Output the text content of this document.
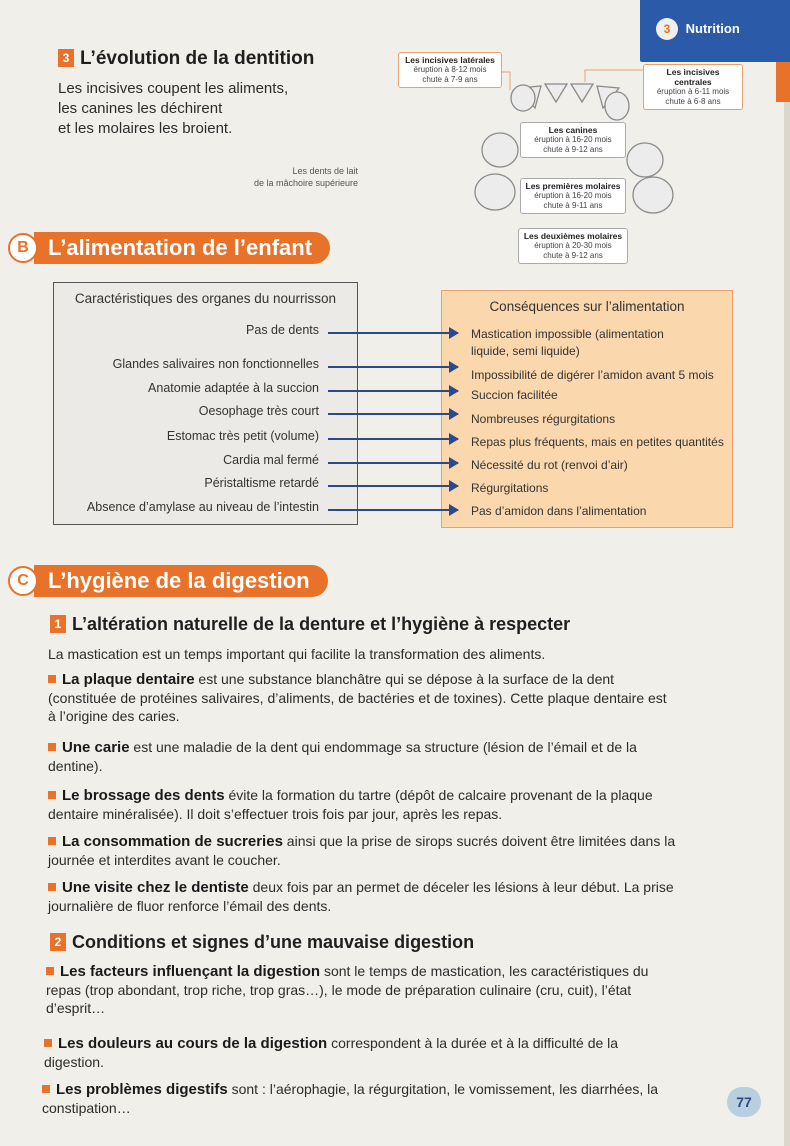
3 Nutrition
3 L’évolution de la dentition
Les incisives coupent les aliments,
les canines les déchirent
et les molaires les broient.
Les dents de lait
de la mâchoire supérieure
Les incisives latérales
éruption à 8-12 mois
chute à 7-9 ans
Les incisives centrales
éruption à 6-11 mois
chute à 6-8 ans
Les canines
éruption à 16-20 mois
chute à 9-12 ans
Les premières molaires
éruption à 16-20 mois
chute à 9-11 ans
Les deuxièmes molaires
éruption à 20-30 mois
chute à 9-12 ans
B L’alimentation de l’enfant
Caractéristiques des organes du nourrisson
Pas de dents
Glandes salivaires non fonctionnelles
Anatomie adaptée à la succion
Oesophage très court
Estomac très petit (volume)
Cardia mal fermé
Péristaltisme retardé
Absence d’amylase au niveau de l’intestin
Conséquences sur l’alimentation
Mastication impossible (alimentation
liquide, semi liquide)
Impossibilité de digérer l’amidon avant 5 mois
Succion facilitée
Nombreuses régurgitations
Repas plus fréquents, mais en petites quantités
Nécessité du rot (renvoi d’air)
Régurgitations
Pas d’amidon dans l’alimentation
C L’hygiène de la digestion
1 L’altération naturelle de la denture et l’hygiène à respecter
La mastication est un temps important qui facilite la transformation des aliments.
La plaque dentaire est une substance blanchâtre qui se dépose à la surface de la dent (constituée de protéines salivaires, d’aliments, de bactéries et de toxines). Cette plaque dentaire est à l’origine des caries.
Une carie est une maladie de la dent qui endommage sa structure (lésion de l’émail et de la dentine).
Le brossage des dents évite la formation du tartre (dépôt de calcaire provenant de la plaque dentaire minéralisée). Il doit s’effectuer trois fois par jour, après les repas.
La consommation de sucreries ainsi que la prise de sirops sucrés doivent être limitées dans la journée et interdites avant le coucher.
Une visite chez le dentiste deux fois par an permet de déceler les lésions à leur début. La prise journalière de fluor renforce l’émail des dents.
2 Conditions et signes d’une mauvaise digestion
Les facteurs influençant la digestion sont le temps de mastication, les caractéristiques du repas (trop abondant, trop riche, trop gras…), le mode de préparation culinaire (cru, cuit), l’état d’esprit…
Les douleurs au cours de la digestion correspondent à la durée et à la difficulté de la digestion.
Les problèmes digestifs sont : l’aérophagie, la régurgitation, le vomissement, les diarrhées, la constipation…	77
